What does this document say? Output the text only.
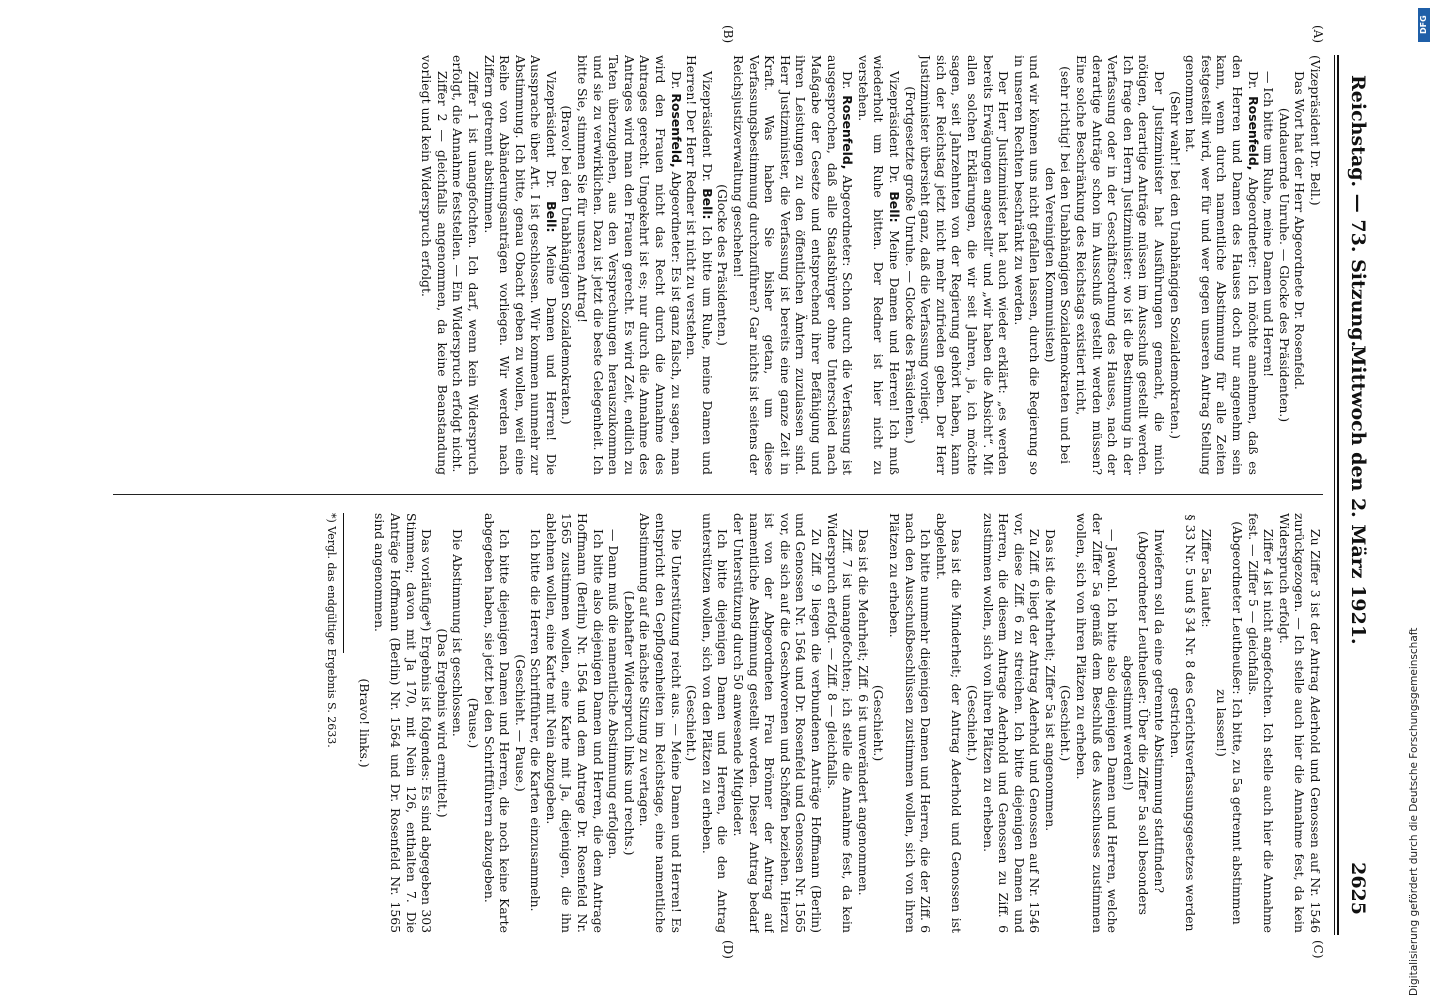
Reichstag. — 73. Sitzung.
Mittwoch den 2. März 1921.
2625

(Vizepräsident Dr. Bell.)

Das Wort hat der Herr Abgeordnete Dr. Rosenfeld.

(Andauernde Unruhe. — Glocke des Präsidenten.)

— Ich bitte um Ruhe, meine Damen und Herren!

Dr. Rosenfeld, Abgeordneter: Ich möchte annehmen, daß es den Herren und Damen des Hauses doch nur angenehm sein kann, wenn durch namentliche Abstimmung für alle Zeiten festgestellt wird, wer für und wer gegen unseren Antrag Stellung genommen hat.

(Sehr wahr! bei den Unabhängigen Sozialdemokraten.)

Der Justizminister hat Ausführungen gemacht, die mich nötigen, derartige Anträge müssen im Ausschuß gestellt werden. Ich frage den Herrn Justizminister: wo ist die Bestimmung in der Verfassung oder in der Geschäftsordnung des Hauses, nach der derartige Anträge schon im Ausschuß gestellt werden müssen? Eine solche Beschränkung des Reichstags existiert nicht,

(sehr richtig! bei den Unabhängigen Sozialdemokraten und bei den Vereinigten Kommunisten)

und wir können uns nicht gefallen lassen, durch die Regierung so in unseren Rechten beschränkt zu werden.

Der Herr Justizminister hat auch wieder erklärt: „es werden bereits Erwägungen angestellt“ und „wir haben die Absicht“. Mit allen solchen Erklärungen, die wir seit Jahren, ja, ich möchte sagen, seit Jahrzehnten von der Regierung gehört haben, kann sich der Reichstag jetzt nicht mehr zufrieden geben. Der Herr Justizminister übersieht ganz, daß die Verfassung vorliegt.

(Fortgesetzte große Unruhe. — Glocke des Präsidenten.)

Vizepräsident Dr. Bell: Meine Damen und Herren! Ich muß wiederholt um Ruhe bitten. Der Redner ist hier nicht zu verstehen.

Dr. Rosenfeld, Abgeordneter: Schon durch die Verfassung ist ausgesprochen, daß alle Staatsbürger ohne Unterschied nach Maßgabe der Gesetze und entsprechend ihrer Befähigung und ihren Leistungen zu den öffentlichen Ämtern zuzulassen sind. Herr Justizminister, die Verfassung ist bereits eine ganze Zeit in Kraft. Was haben Sie bisher getan, um diese Verfassungsbestimmung durchzuführen? Gar nichts ist seitens der Reichsjustizverwaltung geschehen!

(Glocke des Präsidenten.)

Vizepräsident Dr. Bell: Ich bitte um Ruhe, meine Damen und Herren! Der Herr Redner ist nicht zu verstehen.

Dr. Rosenfeld, Abgeordneter: Es ist ganz falsch, zu sagen, man wird den Frauen nicht das Recht durch die Annahme des Antrages gerecht. Umgekehrt ist es; nur durch die Annahme des Antrages wird man den Frauen gerecht. Es wird Zeit, endlich zu Taten überzugehen, aus den Versprechungen herauszukommen und sie zu verwirklichen. Dazu ist jetzt die beste Gelegenheit. Ich bitte Sie, stimmen Sie für unseren Antrag!

(Bravo! bei den Unabhängigen Sozialdemokraten.)

Vizepräsident Dr. Bell: Meine Damen und Herren! Die Aussprache über Art. I ist geschlossen. Wir kommen nunmehr zur Abstimmung. Ich bitte, genau Obacht geben zu wollen, weil eine Reihe von Abänderungsanträgen vorliegen. Wir werden nach Ziffern getrennt abstimmen.

Ziffer 1 ist unangefochten. Ich darf, wenn kein Widerspruch erfolgt, die Annahme feststellen. — Ein Widerspruch erfolgt nicht.

Ziffer 2 — gleichfalls angenommen, da keine Beanstandung vorliegt und kein Widerspruch erfolgt.

Zu Ziffer 3 ist der Antrag Aderhold und Genossen auf Nr. 1546 zurückgezogen. — Ich stelle auch hier die Annahme fest, da kein Widerspruch erfolgt.

Ziffer 4 ist nicht angefochten. Ich stelle auch hier die Annahme fest. — Ziffer 5 — gleichfalls.

(Abgeordneter Leutheußer: Ich bitte, zu 5a getrennt abstimmen zu lassen!)

Ziffer 5a lautet:

§ 33 Nr. 5 und § 34 Nr. 8 des Gerichtsverfassungsgesetzes werden gestrichen.

Inwiefern soll da eine getrennte Abstimmung stattfinden?

(Abgeordneter Leutheußer: Über die Ziffer 5a soll besonders abgestimmt werden!)

— Jawohl. Ich bitte also diejenigen Damen und Herren, welche der Ziffer 5a gemäß dem Beschluß des Ausschusses zustimmen wollen, sich von ihren Plätzen zu erheben.

(Geschieht.)

Das ist die Mehrheit; Ziffer 5a ist angenommen.

Zu Ziff. 6 liegt der Antrag Aderhold und Genossen auf Nr. 1546 vor, diese Ziff. 6 zu streichen. Ich bitte diejenigen Damen und Herren, die diesem Antrage Aderhold und Genossen zu Ziff. 6 zustimmen wollen, sich von ihren Plätzen zu erheben.

(Geschieht.)

Das ist die Minderheit; der Antrag Aderhold und Genossen ist abgelehnt.

Ich bitte nunmehr diejenigen Damen und Herren, die der Ziff. 6 nach den Ausschußbeschlüssen zustimmen wollen, sich von ihren Plätzen zu erheben.

(Geschieht.)

Das ist die Mehrheit; Ziff. 6 ist unverändert angenommen.

Ziff. 7 ist unangefochten; ich stelle die Annahme fest, da kein Widerspruch erfolgt. — Ziff. 8 — gleichfalls.

Zu Ziff. 9 liegen die verbundenen Anträge Hoffmann (Berlin) und Genossen Nr. 1564 und Dr. Rosenfeld und Genossen Nr. 1565 vor, die sich auf die Geschworenen und Schöffen beziehen. Hierzu ist von der Abgeordneten Frau Brönner der Antrag auf namentliche Abstimmung gestellt worden. Dieser Antrag bedarf der Unterstützung durch 50 anwesende Mitglieder.

Ich bitte diejenigen Damen und Herren, die den Antrag unterstützen wollen, sich von den Plätzen zu erheben.

(Geschieht.)

Die Unterstützung reicht aus. — Meine Damen und Herren! Es entspricht den Gepflogenheiten im Reichstage, eine namentliche Abstimmung auf die nächste Sitzung zu vertagen.

(Lebhafter Widerspruch links und rechts.)

— Dann muß die namentliche Abstimmung erfolgen.

Ich bitte also diejenigen Damen und Herren, die dem Antrage Hoffmann (Berlin) Nr. 1564 und dem Antrage Dr. Rosenfeld Nr. 1565 zustimmen wollen, eine Karte mit Ja, diejenigen, die ihn ablehnen wollen, eine Karte mit Nein abzugeben.

Ich bitte die Herren Schriftführer, die Karten einzusammeln.

(Geschieht. — Pause.)

Ich bitte diejenigen Damen und Herren, die noch keine Karte abgegeben haben, sie jetzt bei den Schriftführern abzugeben.

(Pause.)

Die Abstimmung ist geschlossen.

(Das Ergebnis wird ermittelt.)

Das vorläufige*) Ergebnis ist folgendes: Es sind abgegeben 303 Stimmen; davon mit Ja 170, mit Nein 126, enthalten 7. Die Anträge Hoffmann (Berlin) Nr. 1564 und Dr. Rosenfeld Nr. 1565 sind angenommen.

(Bravo! links.)

*) Vergl. das endgültige Ergebnis S. 2633.
(A)
(B)
(C)
(D)	Digitalisierung gefördert durch die Deutsche Forschungsgemeinschaft
DFG
